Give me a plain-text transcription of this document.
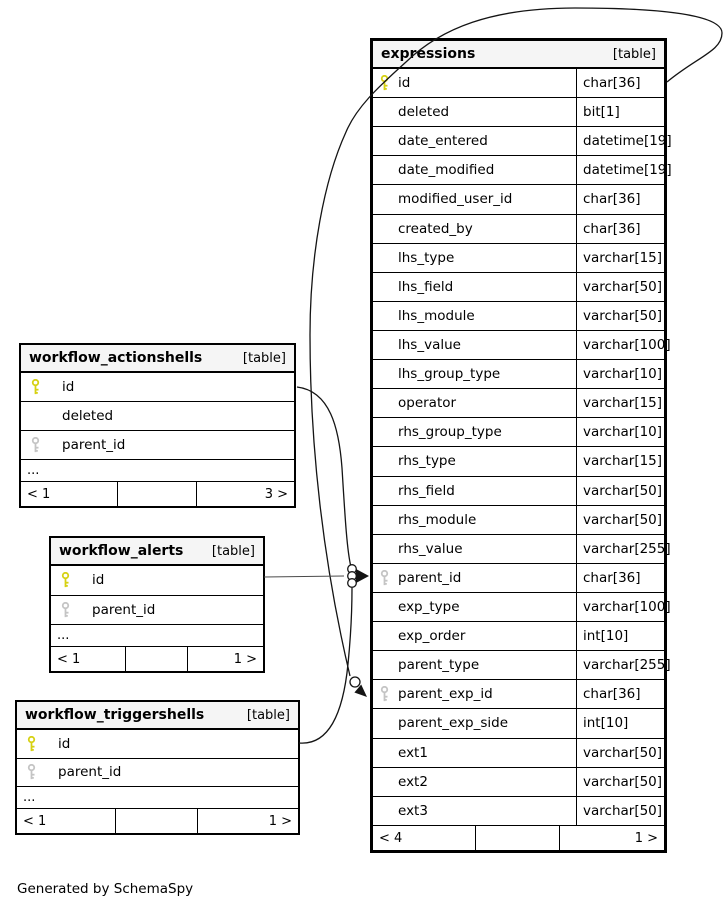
expressions	[table]
id	char[36]
deleted	bit[1]
date_entered	datetime[19]
date_modified	datetime[19]
modified_user_id	char[36]
created_by	char[36]
lhs_type	varchar[15]
lhs_field	varchar[50]
lhs_module	varchar[50]
lhs_value	varchar[100]
lhs_group_type	varchar[10]
operator	varchar[15]
rhs_group_type	varchar[10]
rhs_type	varchar[15]
rhs_field	varchar[50]
rhs_module	varchar[50]
rhs_value	varchar[255]
parent_id	char[36]
exp_type	varchar[100]
exp_order	int[10]
parent_type	varchar[255]
parent_exp_id	char[36]
parent_exp_side	int[10]
ext1	varchar[50]
ext2	varchar[50]
ext3	varchar[50]
< 4	1 >
workflow_actionshells	[table]
id
deleted
parent_id
...
< 1	3 >
workflow_alerts [table]
id
parent_id
...
< 1	1 >
workflow_triggershells	[table]
id
parent_id
...
< 1	1 >
Generated by SchemaSpy
